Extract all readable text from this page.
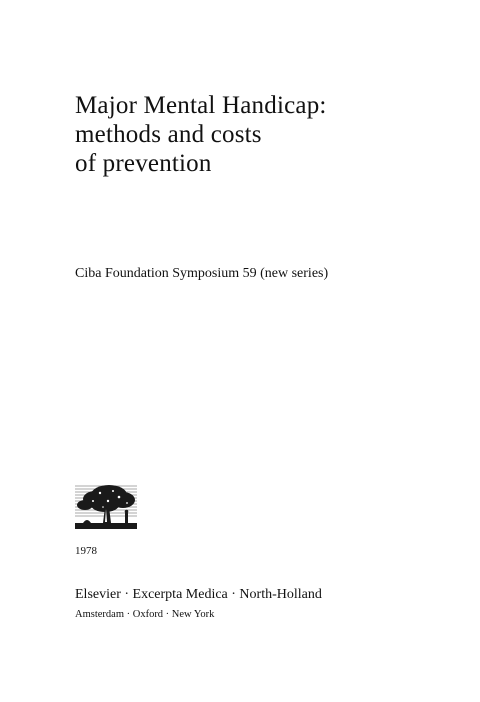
Major Mental Handicap:
methods and costs
of prevention
Ciba Foundation Symposium 59 (new series)
1978
Elsevier · Excerpta Medica · North-Holland
Amsterdam · Oxford · New York
